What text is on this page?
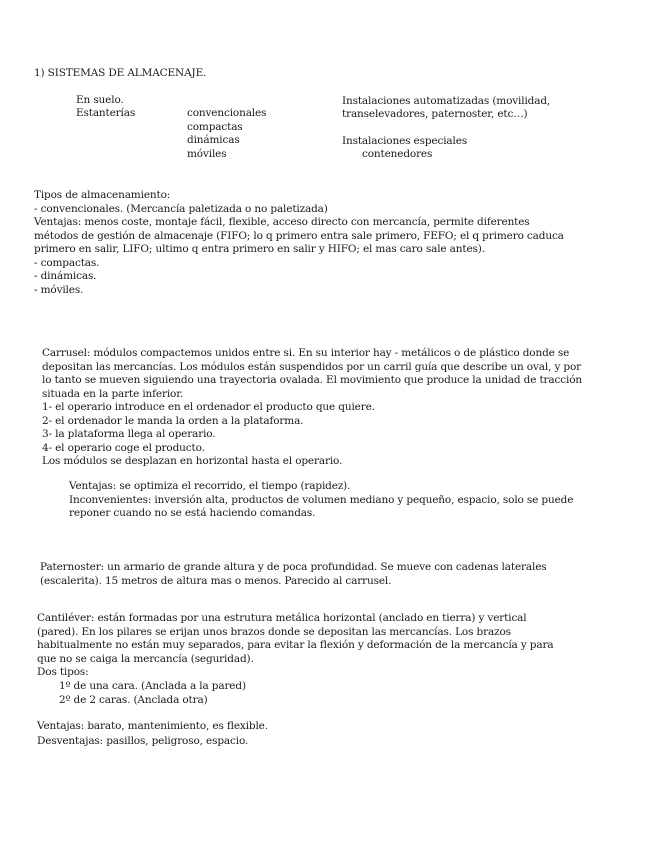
1) SISTEMAS DE ALMACENAJE.
En suelo.
Estanterías	convencionales
compactas
dinámicas
móviles
Instalaciones automatizadas (movilidad,
transelevadores, paternoster, etc…)
Instalaciones especiales
contenedores
Tipos de almacenamiento:
- convencionales. (Mercancía paletizada o no paletizada)
Ventajas: menos coste, montaje fácil, flexible, acceso directo con mercancía, permite diferentes
métodos de gestión de almacenaje (FIFO; lo q primero entra sale primero, FEFO; el q primero caduca
primero en salir, LIFO; ultimo q entra primero en salir y HIFO; el mas caro sale antes).
- compactas.
- dinámicas.
- móviles.
Carrusel: módulos compactemos unidos entre si. En su interior hay - metálicos o de plástico donde se
depositan las mercancías. Los módulos están suspendidos por un carril guía que describe un oval, y por
lo tanto se mueven siguiendo una trayectoria ovalada. El movimiento que produce la unidad de tracción
situada en la parte inferior.
1- el operario introduce en el ordenador el producto que quiere.
2- el ordenador le manda la orden a la plataforma.
3- la plataforma llega al operario.
4- el operario coge el producto.
Los módulos se desplazan en horizontal hasta el operario.
Ventajas: se optimiza el recorrido, el tiempo (rapidez).
Inconvenientes: inversión alta, productos de volumen mediano y pequeño, espacio, solo se puede
reponer cuando no se está haciendo comandas.
Paternoster: un armario de grande altura y de poca profundidad. Se mueve con cadenas laterales
(escalerita). 15 metros de altura mas o menos. Parecido al carrusel.
Cantiléver: están formadas por una estrutura metálica horizontal (anclado en tierra) y vertical
(pared). En los pilares se erijan unos brazos donde se depositan las mercancías. Los brazos
habitualmente no están muy separados, para evitar la flexión y deformación de la mercancía y para
que no se caiga la mercancía (seguridad).
Dos tipos:
1º de una cara. (Anclada a la pared)
2º de 2 caras. (Anclada otra)
Ventajas: barato, mantenimiento, es flexible.
Desventajas: pasillos, peligroso, espacio.
